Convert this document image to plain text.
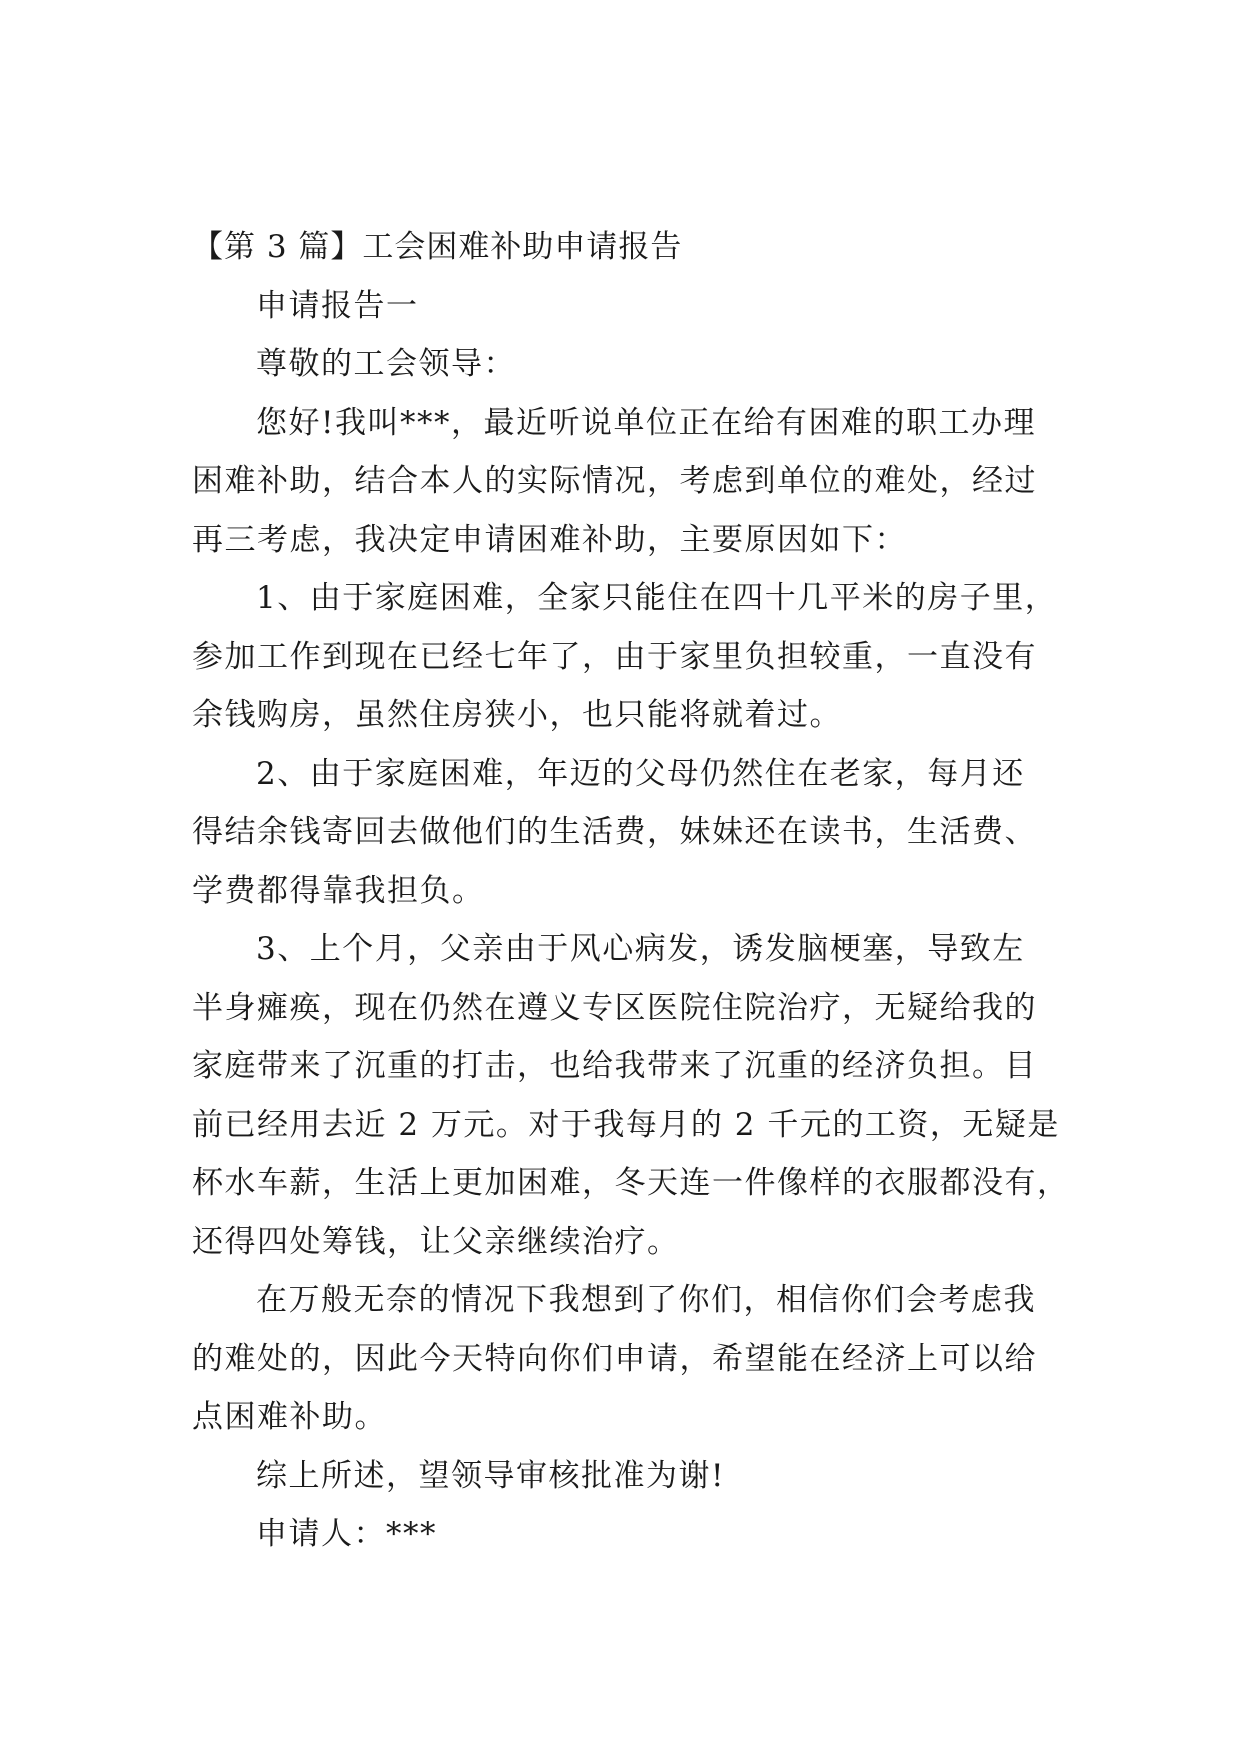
【第 3 篇】工会困难补助申请报告
申请报告一
尊敬的工会领导：
您好!我叫***，最近听说单位正在给有困难的职工办理
困难补助，结合本人的实际情况，考虑到单位的难处，经过
再三考虑，我决定申请困难补助，主要原因如下：
1、由于家庭困难，全家只能住在四十几平米的房子里，
参加工作到现在已经七年了，由于家里负担较重，一直没有
余钱购房，虽然住房狭小，也只能将就着过。
2、由于家庭困难，年迈的父母仍然住在老家，每月还
得结余钱寄回去做他们的生活费，妹妹还在读书，生活费、
学费都得靠我担负。
3、上个月，父亲由于风心病发，诱发脑梗塞，导致左
半身瘫痪，现在仍然在遵义专区医院住院治疗，无疑给我的
家庭带来了沉重的打击，也给我带来了沉重的经济负担。目
前已经用去近 2 万元。对于我每月的 2 千元的工资，无疑是
杯水车薪，生活上更加困难，冬天连一件像样的衣服都没有，
还得四处筹钱，让父亲继续治疗。
在万般无奈的情况下我想到了你们，相信你们会考虑我
的难处的，因此今天特向你们申请，希望能在经济上可以给
点困难补助。
综上所述，望领导审核批准为谢!
申请人：***
